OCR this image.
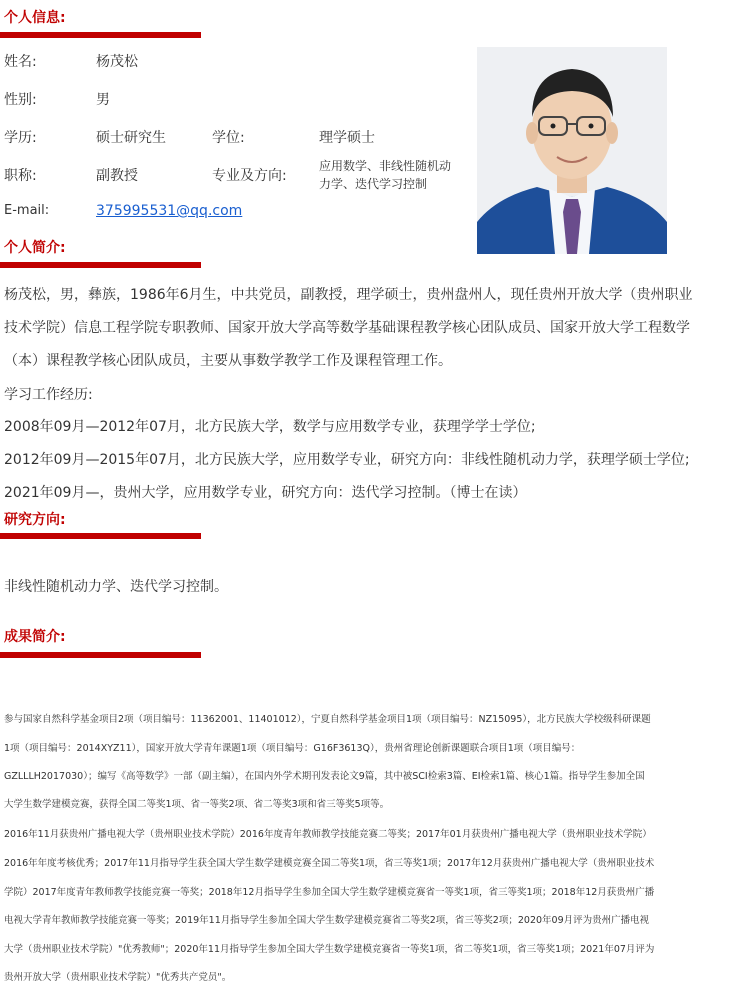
个人信息:
姓名:	杨茂松
性别:	男
学历:	硕士研究生	学位:	理学硕士
职称:	副教授	专业及方向:
应用数学、非线性随机动
力学、迭代学习控制
E-mail:	375995531@qq.com
个人简介:
杨茂松，男，彝族，1986年6月生，中共党员，副教授，理学硕士，贵州盘州人，现任贵州开放大学（贵州职业
技术学院）信息工程学院专职教师、国家开放大学高等数学基础课程教学核心团队成员、国家开放大学工程数学
（本）课程教学核心团队成员，主要从事数学教学工作及课程管理工作。
学习工作经历:
2008年09月—2012年07月，北方民族大学，数学与应用数学专业，获理学学士学位;
2012年09月—2015年07月，北方民族大学，应用数学专业，研究方向：非线性随机动力学，获理学硕士学位;
2021年09月—，贵州大学，应用数学专业，研究方向：迭代学习控制。（博士在读）
研究方向:
非线性随机动力学、迭代学习控制。
成果简介:
参与国家自然科学基金项目2项（项目编号：11362001、11401012），宁夏自然科学基金项目1项（项目编号：NZ15095），北方民族大学校级科研课题
1项（项目编号：2014XYZ11），国家开放大学青年课题1项（项目编号：G16F3613Q），贵州省理论创新课题联合项目1项（项目编号：
GZLLLH2017030）；编写《高等数学》一部（副主编），在国内外学术期刊发表论文9篇，其中被SCI检索3篇、EI检索1篇、核心1篇。指导学生参加全国
大学生数学建模竞赛，获得全国二等奖1项、省一等奖2项、省二等奖3项和省三等奖5项等。
2016年11月获贵州广播电视大学（贵州职业技术学院）2016年度青年教师教学技能竞赛二等奖；2017年01月获贵州广播电视大学（贵州职业技术学院）
2016年年度考核优秀；2017年11月指导学生获全国大学生数学建模竞赛全国二等奖1项，省三等奖1项；2017年12月获贵州广播电视大学（贵州职业技术
学院）2017年度青年教师教学技能竞赛一等奖；2018年12月指导学生参加全国大学生数学建模竞赛省一等奖1项，省三等奖1项；2018年12月获贵州广播
电视大学青年教师教学技能竞赛一等奖；2019年11月指导学生参加全国大学生数学建模竞赛省二等奖2项，省三等奖2项；2020年09月评为贵州广播电视
大学（贵州职业技术学院）"优秀教师"；2020年11月指导学生参加全国大学生数学建模竞赛省一等奖1项，省二等奖1项，省三等奖1项；2021年07月评为
贵州开放大学（贵州职业技术学院）"优秀共产党员"。
